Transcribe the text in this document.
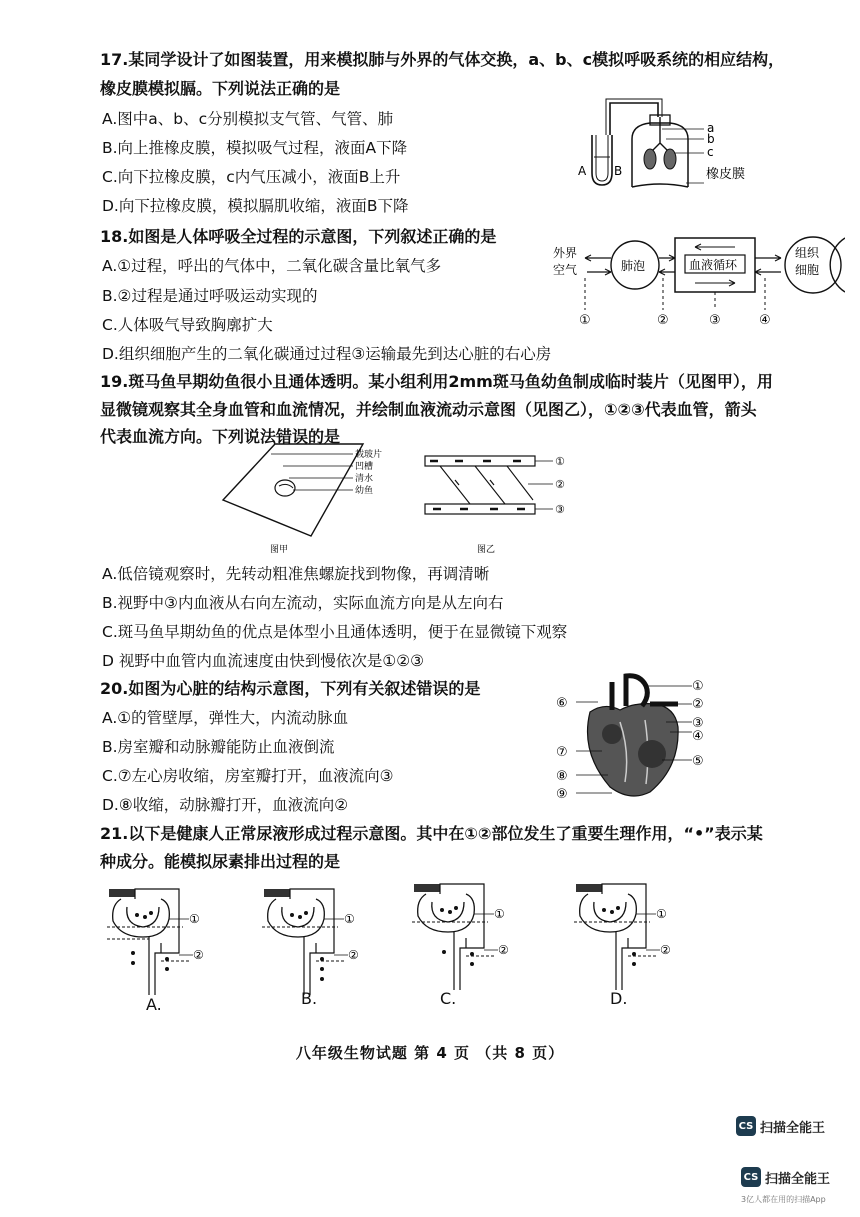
17.某同学设计了如图装置，用来模拟肺与外界的气体交换，a、b、c模拟呼吸系统的相应结构，
橡皮膜模拟膈。下列说法正确的是
A.图中a、b、c分别模拟支气管、气管、肺
B.向上推橡皮膜，模拟吸气过程，液面A下降
C.向下拉橡皮膜，c内气压减小，液面B上升
D.向下拉橡皮膜，模拟膈肌收缩，液面B下降
a
b
c
橡皮膜
A B
18.如图是人体呼吸全过程的示意图，下列叙述正确的是
A.①过程，呼出的气体中，二氧化碳含量比氧气多
B.②过程是通过呼吸运动实现的
C.人体吸气导致胸廓扩大
D.组织细胞产生的二氧化碳通过过程③运输最先到达心脏的右心房
外界
空气	肺泡	血液循环
组织
细胞
①	②	③	④
19.斑马鱼早期幼鱼很小且通体透明。某小组利用2mm斑马鱼幼鱼制成临时装片（见图甲），用
显微镜观察其全身血管和血流情况，并绘制血液流动示意图（见图乙），①②③代表血管，箭头
代表血流方向。下列说法错误的是
载玻片
凹槽
清水
幼鱼
图甲
①
②
③
图乙
A.低倍镜观察时，先转动粗准焦螺旋找到物像，再调清晰
B.视野中③内血液从右向左流动，实际血流方向是从左向右
C.斑马鱼早期幼鱼的优点是体型小且通体透明，便于在显微镜下观察
D 视野中血管内血流速度由快到慢依次是①②③
20.如图为心脏的结构示意图，下列有关叙述错误的是
A.①的管壁厚，弹性大，内流动脉血
B.房室瓣和动脉瓣能防止血液倒流
C.⑦左心房收缩，房室瓣打开，血液流向③
D.⑧收缩，动脉瓣打开，血液流向②
①
②
③
④
⑤
⑥
⑦
⑧
⑨
21.以下是健康人正常尿液形成过程示意图。其中在①②部位发生了重要生理作用，“•”表示某
种成分。能模拟尿素排出过程的是
①
②
A.
①
②
B.
①
②
C.
①
②
D.
八年级生物试题 第 4 页 （共 8 页）
CS 扫描全能王
CS 扫描全能王
3亿人都在用的扫描App
